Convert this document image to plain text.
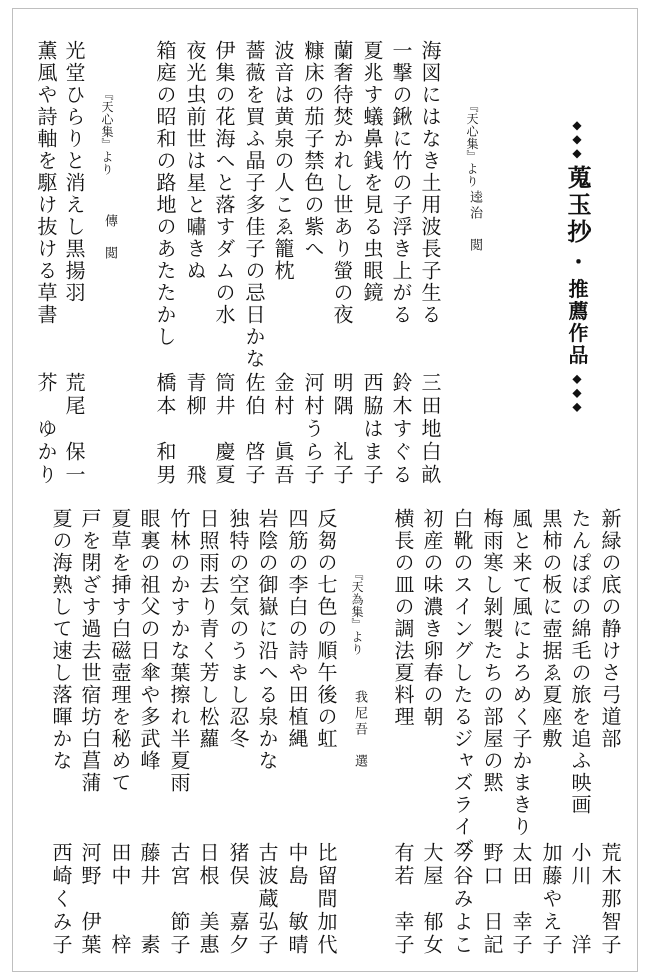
◆◆◆ 蒐玉抄 ・ 推薦作品 ◆◆◆
海図にはなき土用波長子生る
三田地白畝
一撃の鍬に竹の子浮き上がる
鈴木すぐる
夏兆す蟻鼻銭を見る虫眼鏡
西脇はま子
蘭奢待焚かれし世あり螢の夜
明隅　礼子
糠床の茄子禁色の紫へ
河村うら子
波音は黄泉の人こゑ籠枕
金村　眞吾
薔薇を買ふ晶子多佳子の忌日かな
佐伯　啓子
伊集の花海へと落すダムの水
筒井　慶夏
夜光虫前世は星と嘯きぬ
青柳　　飛
箱庭の昭和の路地のあたたかし
橋本　和男
『天心集』より
逵治　閲
光堂ひらりと消えし黒揚羽
荒尾　保一
薫風や詩軸を駆け抜ける草書
芥　ゆかり
『天心集』より
傳　閲
新緑の底の静けさ弓道部
荒木那智子
たんぽぽの綿毛の旅を追ふ映画
小川　　洋
黒柿の板に壺据ゑ夏座敷
加藤やえ子
風と来て風によろめく子かまきり
太田　幸子
梅雨寒し剝製たちの部屋の黙
野口　日記
白靴のスイングしたるジャズライブ
今谷みよこ
初産の味濃き卵春の朝
大屋　郁女
横長の皿の調法夏料理
有若　幸子
反芻の七色の順午後の虹
比留間加代
四筋の李白の詩や田植縄
中島　敏晴
岩陰の御嶽に沿へる泉かな
古波蔵弘子
独特の空気のうまし忍冬
猪俣　嘉夕
日照雨去り青く芳し松蘿
日根　美惠
竹林のかすかな葉擦れ半夏雨
古宮　節子
眼裏の祖父の日傘や多武峰
藤井　　素
夏草を挿す白磁壺理を秘めて
田中　　梓
戸を閉ざす過去世宿坊白菖蒲
河野　伊葉
夏の海熟して速し落暉かな
西崎くみ子
『天為集』より
我尼吾　選
